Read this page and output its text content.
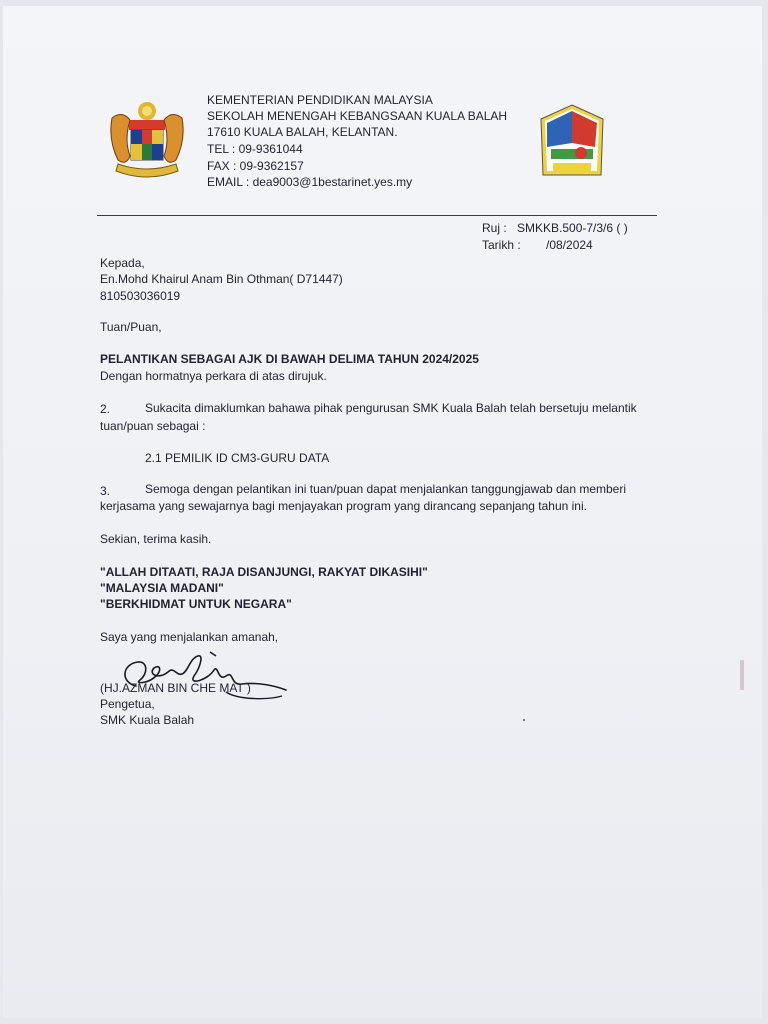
KEMENTERIAN PENDIDIKAN MALAYSIA
SEKOLAH MENENGAH KEBANGSAAN KUALA BALAH
17610 KUALA BALAH, KELANTAN.
TEL : 09-9361044
FAX : 09-9362157
EMAIL : dea9003@1bestarinet.yes.my
Ruj : SMKKB.500-7/3/6 ( )
Tarikh : /08/2024
Kepada,
En.Mohd Khairul Anam Bin Othman( D71447)
810503036019
Tuan/Puan,
PELANTIKAN SEBAGAI AJK DI BAWAH DELIMA TAHUN 2024/2025
Dengan hormatnya perkara di atas dirujuk.
2.	Sukacita dimaklumkan bahawa pihak pengurusan SMK Kuala Balah telah bersetuju melantik
tuan/puan sebagai :
2.1 PEMILIK ID CM3-GURU DATA
3.	Semoga dengan pelantikan ini tuan/puan dapat menjalankan tanggungjawab dan memberi
kerjasama yang sewajarnya bagi menjayakan program yang dirancang sepanjang tahun ini.
Sekian, terima kasih.
"ALLAH DITAATI, RAJA DISANJUNGI, RAKYAT DIKASIHI"
"MALAYSIA MADANI"
"BERKHIDMAT UNTUK NEGARA"
Saya yang menjalankan amanah,
(HJ.AZMAN BIN CHE MAT )
Pengetua,
SMK Kuala Balah
